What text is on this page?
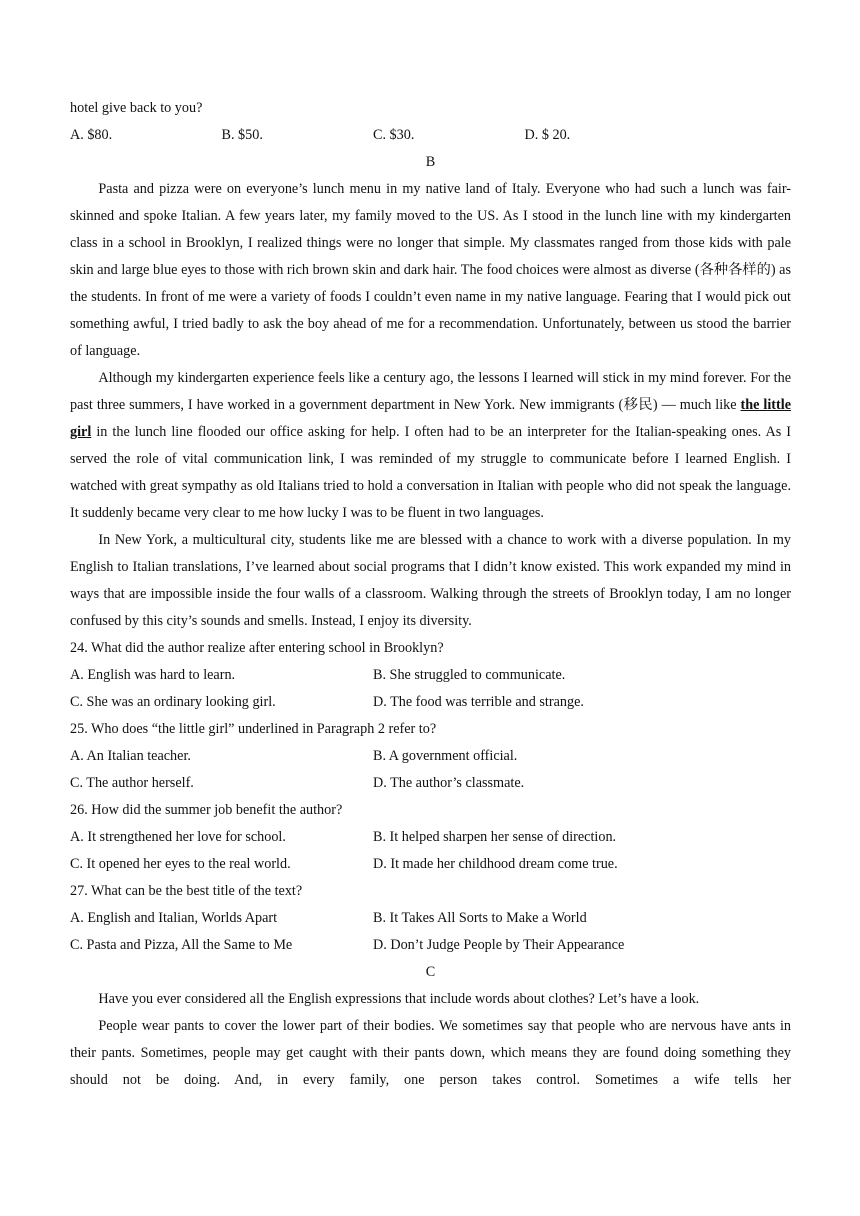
hotel give back to you?
A. $80.	B. $50.	C. $30.	D. $ 20.
B

Pasta and pizza were on everyone’s lunch menu in my native land of Italy. Everyone who had such a lunch was fair-skinned and spoke Italian. A few years later, my family moved to the US. As I stood in the lunch line with my kindergarten class in a school in Brooklyn, I realized things were no longer that simple. My classmates ranged from those kids with pale skin and large blue eyes to those with rich brown skin and dark hair. The food choices were almost as diverse (各种各样的) as the students. In front of me were a variety of foods I couldn’t even name in my native language. Fearing that I would pick out something awful, I tried badly to ask the boy ahead of me for a recommendation. Unfortunately, between us stood the barrier of language.

Although my kindergarten experience feels like a century ago, the lessons I learned will stick in my mind forever. For the past three summers, I have worked in a government department in New York. New immigrants (移民) — much like the little girl in the lunch line flooded our office asking for help. I often had to be an interpreter for the Italian-speaking ones. As I served the role of vital communication link, I was reminded of my struggle to communicate before I learned English. I watched with great sympathy as old Italians tried to hold a conversation in Italian with people who did not speak the language. It suddenly became very clear to me how lucky I was to be fluent in two languages.

In New York, a multicultural city, students like me are blessed with a chance to work with a diverse population. In my English to Italian translations, I’ve learned about social programs that I didn’t know existed. This work expanded my mind in ways that are impossible inside the four walls of a classroom. Walking through the streets of Brooklyn today, I am no longer confused by this city’s sounds and smells. Instead, I enjoy its diversity.

24. What did the author realize after entering school in Brooklyn?
A. English was hard to learn.	B. She struggled to communicate.
C. She was an ordinary looking girl.	D. The food was terrible and strange.
25. Who does “the little girl” underlined in Paragraph 2 refer to?
A. An Italian teacher.	B. A government official.
C. The author herself.	D. The author’s classmate.
26. How did the summer job benefit the author?
A. It strengthened her love for school.	B. It helped sharpen her sense of direction.
C. It opened her eyes to the real world.	D. It made her childhood dream come true.
27. What can be the best title of the text?
A. English and Italian, Worlds Apart	B. It Takes All Sorts to Make a World
C. Pasta and Pizza, All the Same to Me	D. Don’t Judge People by Their Appearance
C

Have you ever considered all the English expressions that include words about clothes? Let’s have a look.

People wear pants to cover the lower part of their bodies. We sometimes say that people who are nervous have ants in their pants. Sometimes, people may get caught with their pants down, which means they are found doing something they should not be doing. And, in every family, one person takes control. Sometimes a wife tells her
